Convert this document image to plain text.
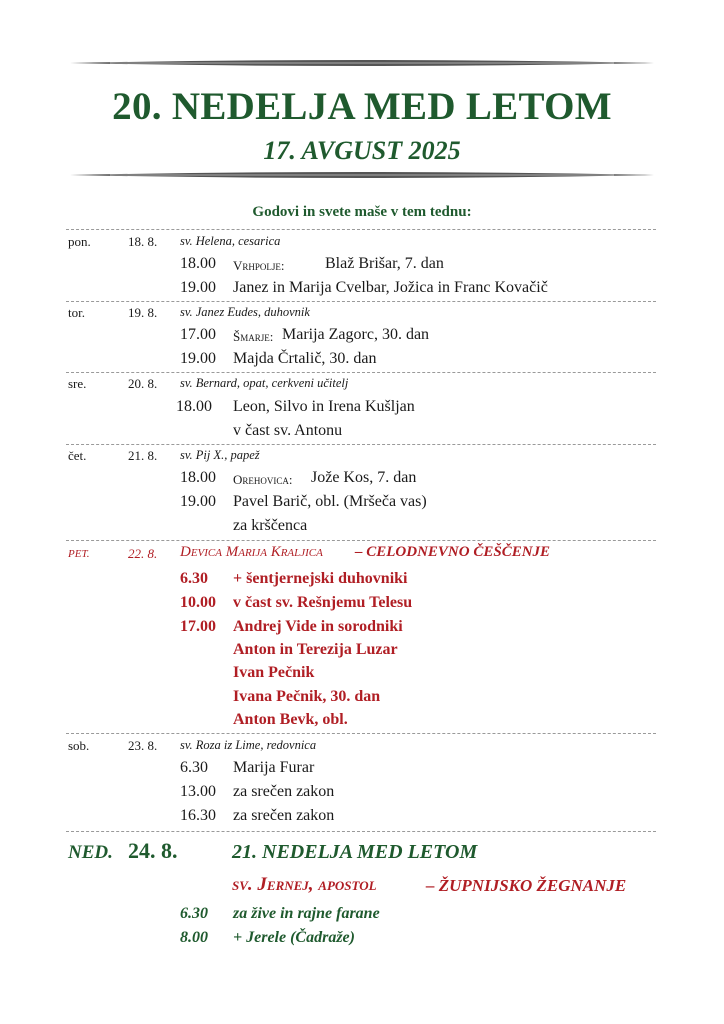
20. NEDELJA MED LETOM
17. AVGUST 2025
Godovi in svete maše v tem tednu:
pon.	18. 8. sv. Helena, cesarica
18.00 Vrhpolje:	Blaž Brišar, 7. dan
19.00 Janez in Marija Cvelbar, Jožica in Franc Kovačič
tor.	19. 8. sv. Janez Eudes, duhovnik
17.00 Šmarje: Marija Zagorc, 30. dan
19.00 Majda Črtalič, 30. dan
sre.	20. 8. sv. Bernard, opat, cerkveni učitelj
18.00 Leon, Silvo in Irena Kušljan
v čast sv. Antonu
čet.	21. 8. sv. Pij X., papež
18.00 Orehovica: Jože Kos, 7. dan
19.00 Pavel Barič, obl. (Mršeča vas)
za krščenca
PET.	22. 8. Devica Marija Kraljica – CELODNEVNO ČEŠČENJE
6.30 + šentjernejski duhovniki
10.00 v čast sv. Rešnjemu Telesu
17.00 Andrej Vide in sorodniki
Anton in Terezija Luzar
Ivan Pečnik
Ivana Pečnik, 30. dan
Anton Bevk, obl.
sob.	23. 8. sv. Roza iz Lime, redovnica
6.30 Marija Furar
13.00 za srečen zakon
16.30 za srečen zakon
NED. 24. 8.	21. NEDELJA MED LETOM
sv. Jernej, apostol	– ŽUPNIJSKO ŽEGNANJE
6.30 za žive in rajne farane
8.00 + Jerele (Čadraže)
